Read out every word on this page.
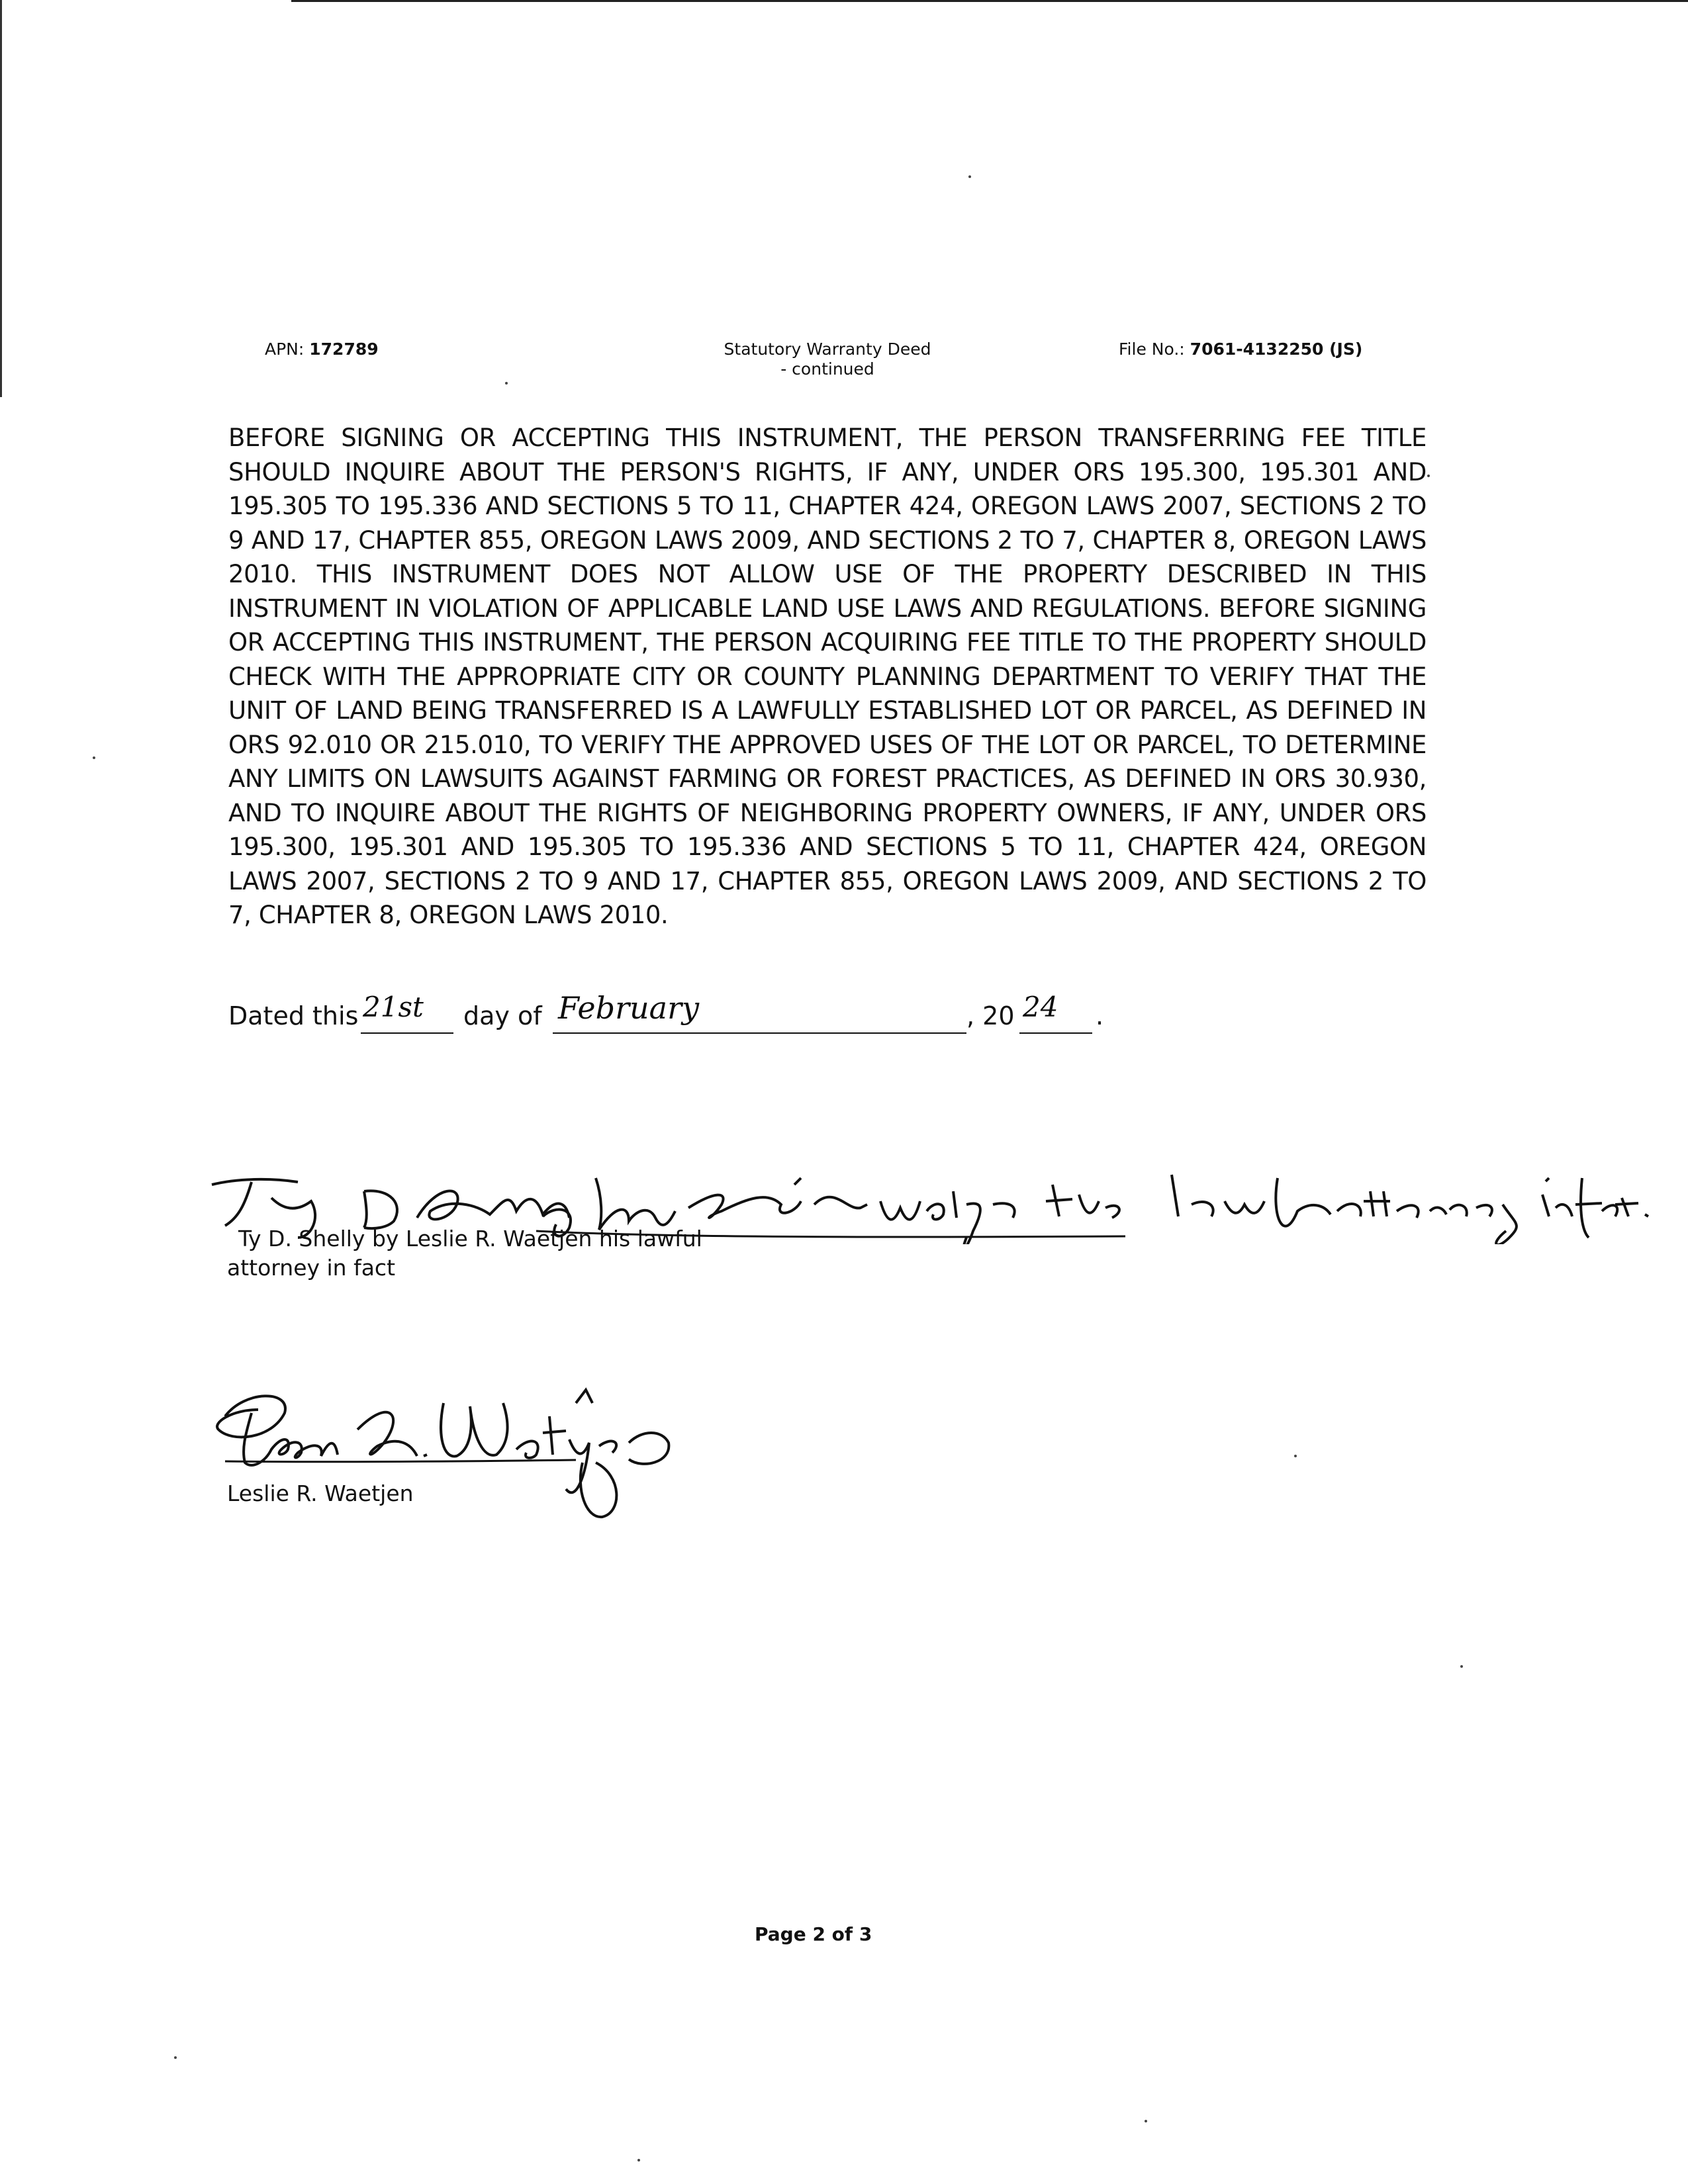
APN: 172789	Statutory Warranty Deed
- continued
File No.: 7061-4132250 (JS)
BEFORE SIGNING OR ACCEPTING THIS INSTRUMENT, THE PERSON TRANSFERRING FEE TITLE SHOULD INQUIRE ABOUT THE PERSON'S RIGHTS, IF ANY, UNDER ORS 195.300, 195.301 AND 195.305 TO 195.336 AND SECTIONS 5 TO 11, CHAPTER 424, OREGON LAWS 2007, SECTIONS 2 TO 9 AND 17, CHAPTER 855, OREGON LAWS 2009, AND SECTIONS 2 TO 7, CHAPTER 8, OREGON LAWS 2010. THIS INSTRUMENT DOES NOT ALLOW USE OF THE PROPERTY DESCRIBED IN THIS INSTRUMENT IN VIOLATION OF APPLICABLE LAND USE LAWS AND REGULATIONS. BEFORE SIGNING OR ACCEPTING THIS INSTRUMENT, THE PERSON ACQUIRING FEE TITLE TO THE PROPERTY SHOULD CHECK WITH THE APPROPRIATE CITY OR COUNTY PLANNING DEPARTMENT TO VERIFY THAT THE UNIT OF LAND BEING TRANSFERRED IS A LAWFULLY ESTABLISHED LOT OR PARCEL, AS DEFINED IN ORS 92.010 OR 215.010, TO VERIFY THE APPROVED USES OF THE LOT OR PARCEL, TO DETERMINE ANY LIMITS ON LAWSUITS AGAINST FARMING OR FOREST PRACTICES, AS DEFINED IN ORS 30.930, AND TO INQUIRE ABOUT THE RIGHTS OF NEIGHBORING PROPERTY OWNERS, IF ANY, UNDER ORS 195.300, 195.301 AND 195.305 TO 195.336 AND SECTIONS 5 TO 11, CHAPTER 424, OREGON LAWS 2007, SECTIONS 2 TO 9 AND 17, CHAPTER 855, OREGON LAWS 2009, AND SECTIONS 2 TO 7, CHAPTER 8, OREGON LAWS 2010.
Dated this 21st day of February	, 20 24 .
Ty D. Shelly by Leslie R. Waetjen his lawful
attorney in fact
Leslie R. Waetjen
Page 2 of 3
